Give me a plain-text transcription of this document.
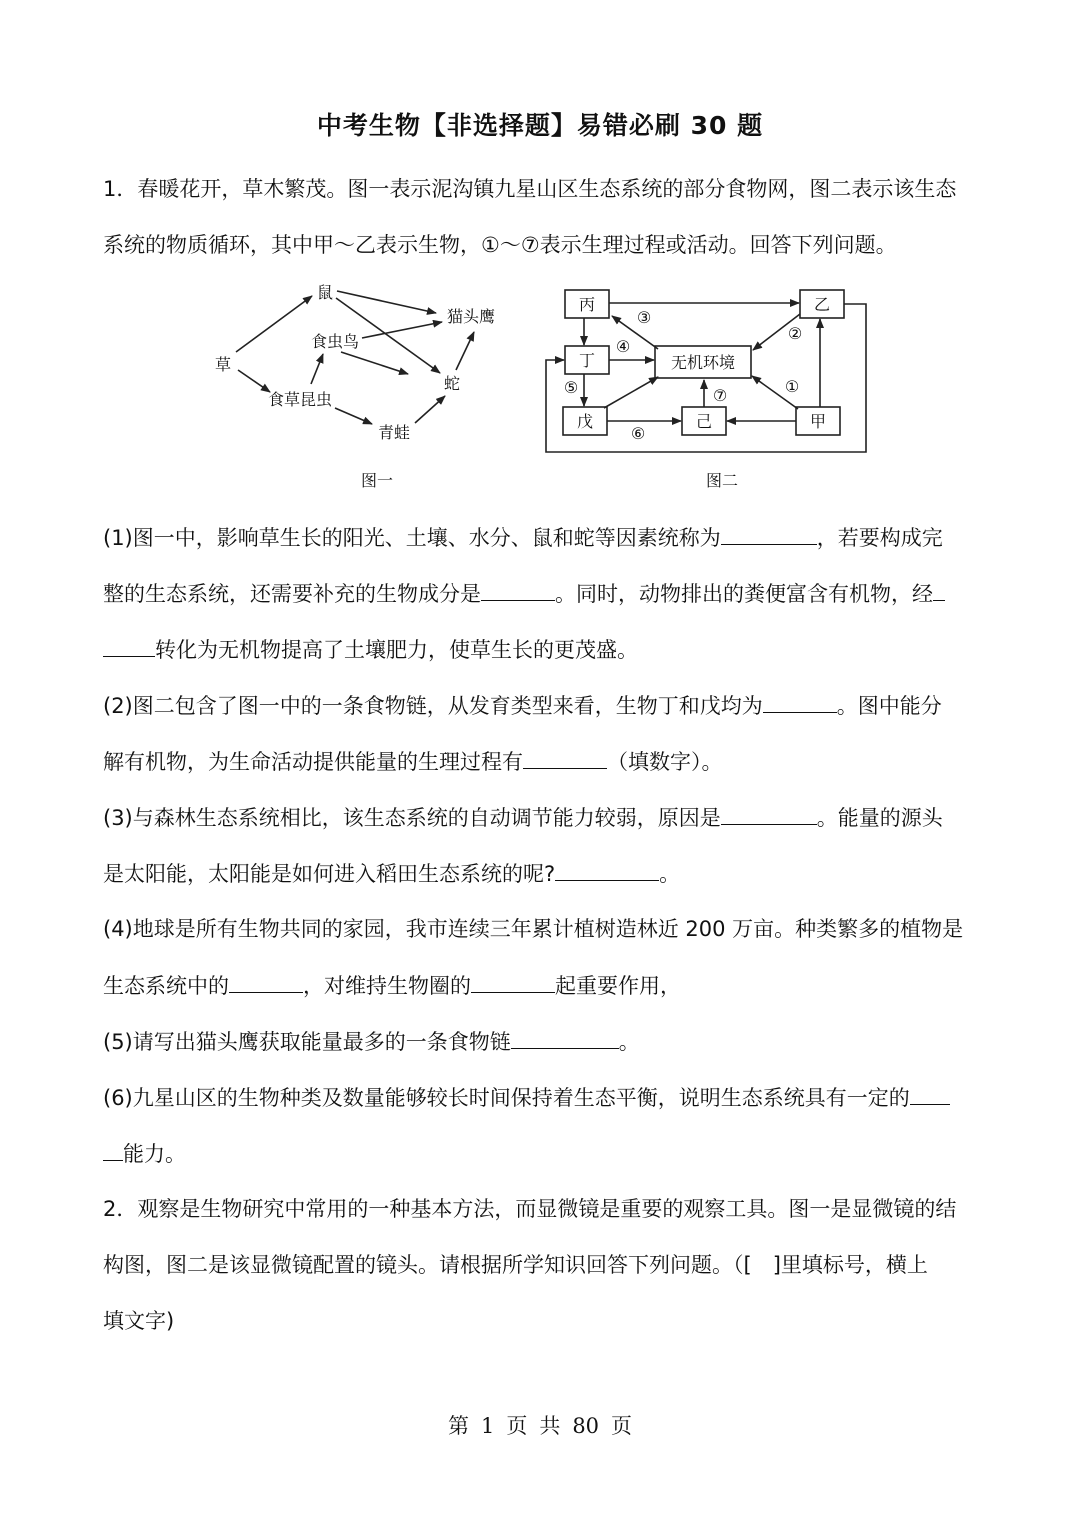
中考生物【非选择题】易错必刷 30 题
1．春暖花开，草木繁茂。图一表示泥沟镇九星山区生态系统的部分食物网，图二表示该生态
系统的物质循环，其中甲～乙表示生物，①～⑦表示生理过程或活动。回答下列问题。
草
鼠
食虫鸟
猫头鹰
食草昆虫
青蛙
蛇
图一
丙	乙
丁	无机环境
戊	己	甲
③
②
④
⑤	⑦	①
⑥
图二
(1)图一中，影响草生长的阳光、土壤、水分、鼠和蛇等因素统称为	，若要构成完
整的生态系统，还需要补充的生物成分是	。同时，动物排出的粪便富含有机物，经
转化为无机物提高了土壤肥力，使草生长的更茂盛。
(2)图二包含了图一中的一条食物链，从发育类型来看，生物丁和戊均为	。图中能分
解有机物，为生命活动提供能量的生理过程有	（填数字）。
(3)与森林生态系统相比，该生态系统的自动调节能力较弱，原因是	。能量的源头
是太阳能，太阳能是如何进入稻田生态系统的呢?	。
(4)地球是所有生物共同的家园，我市连续三年累计植树造林近 200 万亩。种类繁多的植物是
生态系统中的	，对维持生物圈的	起重要作用，
(5)请写出猫头鹰获取能量最多的一条食物链	。
(6)九星山区的生物种类及数量能够较长时间保持着生态平衡，说明生态系统具有一定的
能力。
2．观察是生物研究中常用的一种基本方法，而显微镜是重要的观察工具。图一是显微镜的结
构图，图二是该显微镜配置的镜头。请根据所学知识回答下列问题。（[　]里填标号，横上
填文字)
第 1 页 共 80 页
